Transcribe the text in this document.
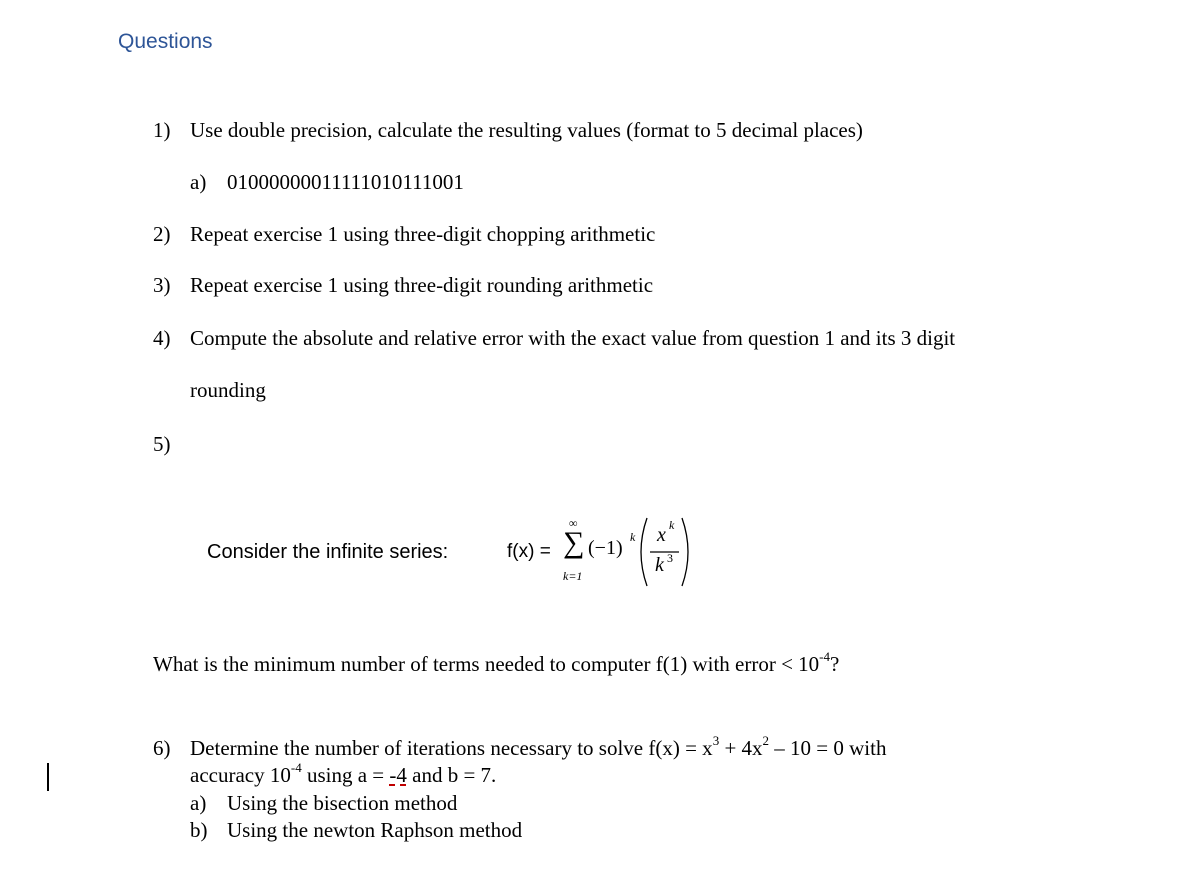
Questions
1) Use double precision, calculate the resulting values (format to 5 decimal places)
a) 01000000011111010111001
2) Repeat exercise 1 using three-digit chopping arithmetic
3) Repeat exercise 1 using three-digit rounding arithmetic
4) Compute the absolute and relative error with the exact value from question 1 and its 3 digit
rounding
5)
Consider the infinite series:	f(x) =
∞
∑
k=1
(−1) k x k
k 3
What is the minimum number of terms needed to computer f(1) with error < $10^{-4}$?
6) Determine the number of iterations necessary to solve $f(x) = x^3 + 4x^2 - 10 = 0$ with
accuracy $10^{-4}$ using a = -4 and b = 7.
a) Using the bisection method
b) Using the newton Raphson method
